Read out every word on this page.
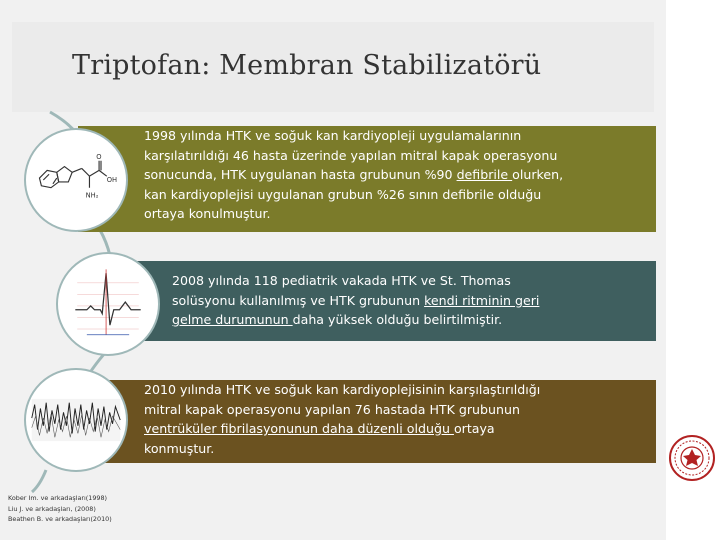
Triptofan: Membran Stabilizatörü

1998 yılında HTK ve soğuk kan kardiyopleji uygulamalarının
karşılatırıldığı 46 hasta üzerinde yapılan mitral kapak operasyonu
sonucunda, HTK uygulanan hasta grubunun %90 defibrile olurken,
kan kardiyoplejisi uygulanan grubun %26 sının defibrile olduğu
ortaya konulmuştur.

2008 yılında 118 pediatrik vakada HTK ve St. Thomas
solüsyonu kullanılmış ve HTK grubunun kendi ritminin geri
gelme durumunun daha yüksek olduğu belirtilmiştir.

2010 yılında HTK ve soğuk kan kardiyoplejisinin karşılaştırıldığı
mitral kapak operasyonu yapılan 76 hastada HTK grubunun
ventrüküler fibrilasyonunun daha düzenli olduğu ortaya
konmuştur.

O
OH
NH₂
Kober Im. ve arkadaşları(1998)
Liu J. ve arkadaşları, (2008)
Beathen B. ve arkadaşları(2010)
